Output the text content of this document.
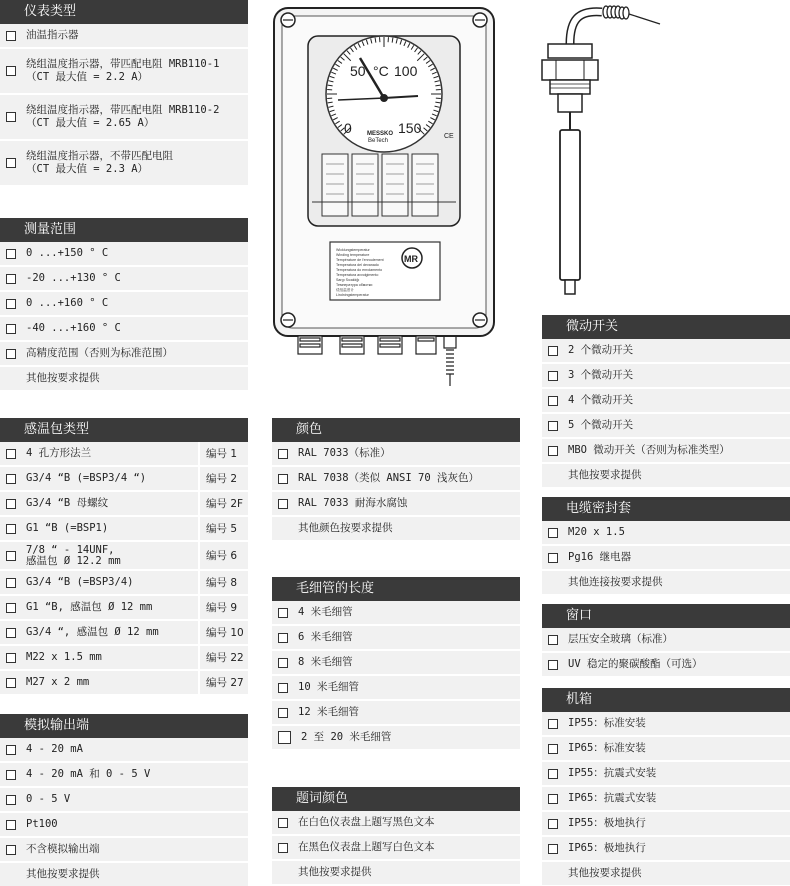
仪表类型
油温指示器
绕组温度指示器，带匹配电阻 MRB110-1
（CT 最大值 = 2.2 A）
绕组温度指示器，带匹配电阻 MRB110-2
（CT 最大值 = 2.65 A）
绕组温度指示器，不带匹配电阻
（CT 最大值 = 2.3 A）
测量范围
0 ...+150 ° C
-20 ...+130 ° C
0 ...+160 ° C
-40 ...+160 ° C
高精度范围（否则为标准范围）
其他按要求提供
感温包类型
4 孔方形法兰	编号 1
G3/4 “B (=BSP3/4 “)	编号 2
G3/4 “B 母螺纹	编号 2F
G1 “B (=BSP1)	编号 5
7/8 “ - 14UNF,
感温包 Ø 12.2 mm	编号 6
G3/4 “B (=BSP3/4)	编号 8
G1 “B, 感温包 Ø 12 mm	编号 9
G3/4 “, 感温包 Ø 12 mm	编号 10
M22 x 1.5 mm	编号 22
M27 x 2 mm	编号 27
模拟输出端
4 - 20 mA
4 - 20 mA 和 0 - 5 V
0 - 5 V
Pt100
不含模拟输出端
其他按要求提供
颜色
RAL 7033（标准）
RAL 7038（类似 ANSI 70 浅灰色）
RAL 7033 耐海水腐蚀
其他颜色按要求提供
毛细管的长度
4 米毛细管
6 米毛细管
8 米毛细管
10 米毛细管
12 米毛细管
2 至 20 米毛细管
题词颜色
在白色仪表盘上题写黑色文本
在黑色仪表盘上题写白色文本
其他按要求提供
微动开关
2 个微动开关
3 个微动开关
4 个微动开关
5 个微动开关
MBO 微动开关（否则为标准类型）
其他按要求提供
电缆密封套
M20 x 1.5
Pg16 继电器
其他连接按要求提供
窗口
层压安全玻璃（标准）
UV 稳定的聚碳酸酯（可选）
机箱
IP55：标准安装
IP65：标准安装
IP55：抗震式安装
IP65：抗震式安装
IP55：极地执行
IP65：极地执行
其他按要求提供
50 °C 100
0	150
MESSKO
BeTech
CE
Wicklungstemperatur
Winding temperature
Température de l'enroulement
Temperatura del devanado
Temperatura do enrolamento
Temperatura avvolgimento
Sargı Sıcaklığı
Температура обмотки
绕组温度计
Lindningstemperatur
MR
